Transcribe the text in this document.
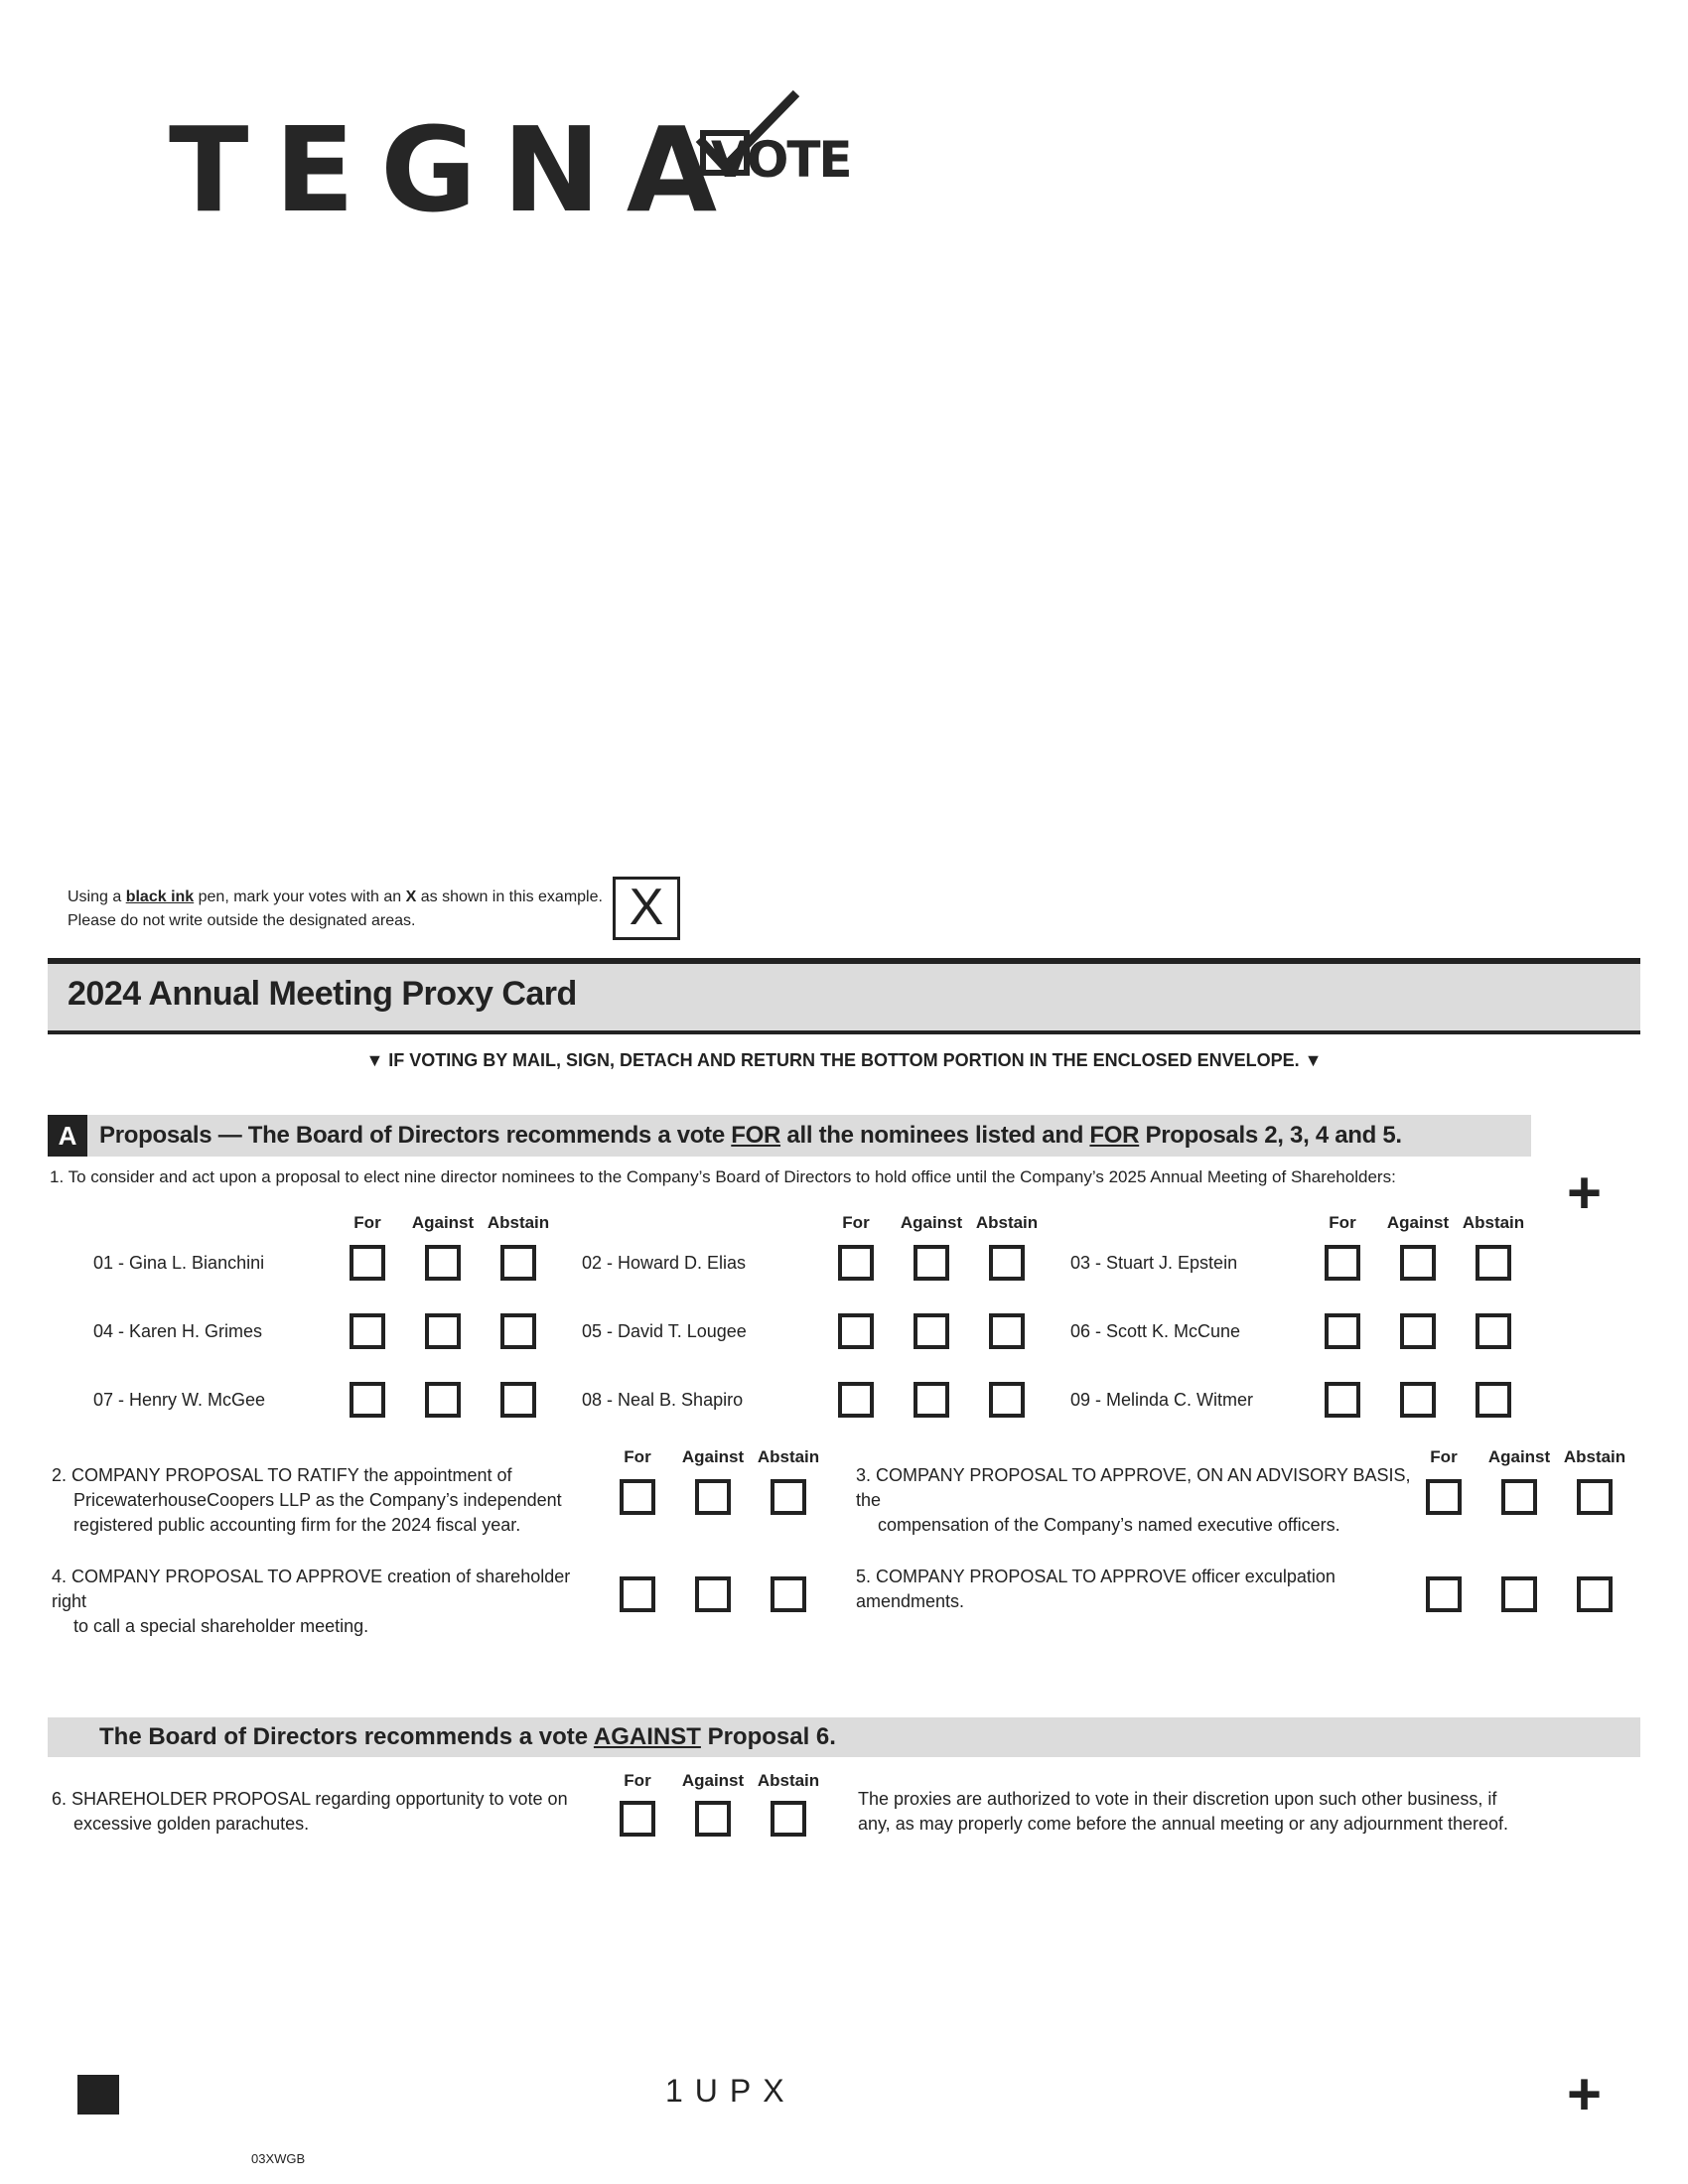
TEGNA
VOTE
Using a black ink pen, mark your votes with an X as shown in this example.
Please do not write outside the designated areas.	X
2024 Annual Meeting Proxy Card
▼ IF VOTING BY MAIL, SIGN, DETACH AND RETURN THE BOTTOM PORTION IN THE ENCLOSED ENVELOPE. ▼
A Proposals — The Board of Directors recommends a vote FOR all the nominees listed and FOR Proposals 2, 3, 4 and 5.
1. To consider and act upon a proposal to elect nine director nominees to the Company’s Board of Directors to hold office until the Company’s 2025 Annual Meeting of Shareholders:	+
For	Against Abstain	For	Against Abstain	For	Against Abstain
01 - Gina L. Bianchini	02 - Howard D. Elias	03 - Stuart J. Epstein
04 - Karen H. Grimes	05 - David T. Lougee	06 - Scott K. McCune
07 - Henry W. McGee	08 - Neal B. Shapiro	09 - Melinda C. Witmer
For	Against Abstain	For	Against Abstain
2. COMPANY PROPOSAL TO RATIFY the appointment of
PricewaterhouseCoopers LLP as the Company’s independent
registered public accounting firm for the 2024 fiscal year.
3. COMPANY PROPOSAL TO APPROVE, ON AN ADVISORY BASIS, the
compensation of the Company’s named executive officers.
4. COMPANY PROPOSAL TO APPROVE creation of shareholder right
to call a special shareholder meeting.
5. COMPANY PROPOSAL TO APPROVE officer exculpation amendments.
The Board of Directors recommends a vote AGAINST Proposal 6.
For	Against Abstain
6. SHAREHOLDER PROPOSAL regarding opportunity to vote on
excessive golden parachutes.
The proxies are authorized to vote in their discretion upon such other business, if
any, as may properly come before the annual meeting or any adjournment thereof.
1UPX	+
03XWGB
